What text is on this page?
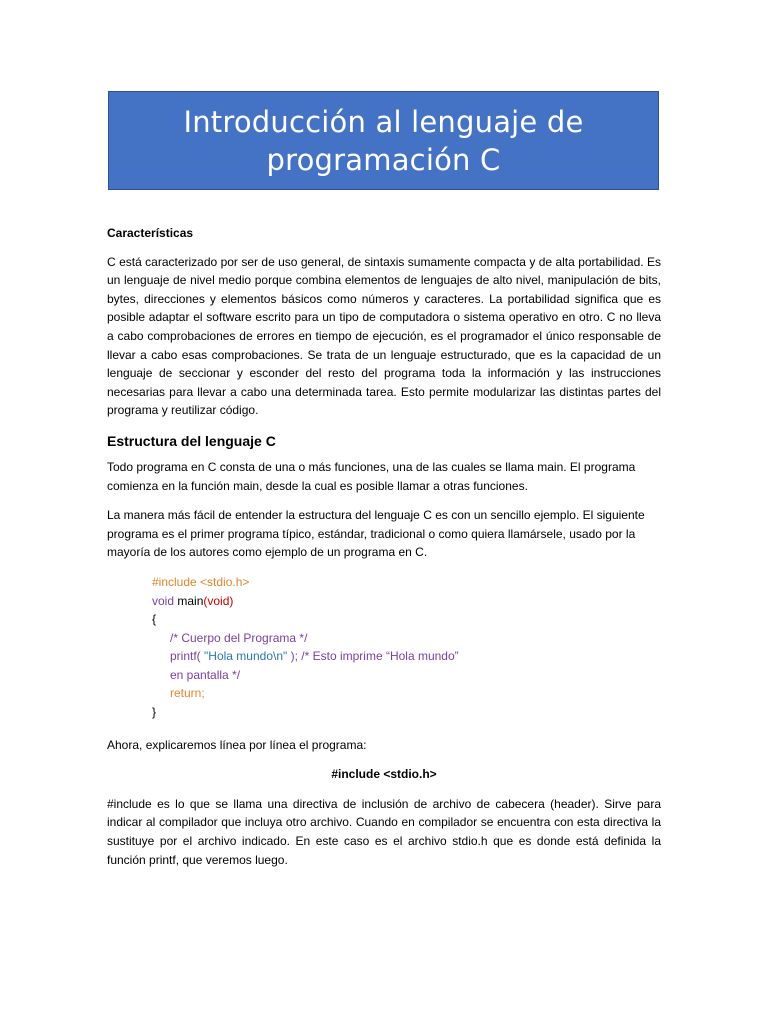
Introducción al lenguaje de
programación C
Características

C está caracterizado por ser de uso general, de sintaxis sumamente compacta y de alta portabilidad. Es un lenguaje de nivel medio porque combina elementos de lenguajes de alto nivel, manipulación de bits, bytes, direcciones y elementos básicos como números y caracteres. La portabilidad significa que es posible adaptar el software escrito para un tipo de computadora o sistema operativo en otro. C no lleva a cabo comprobaciones de errores en tiempo de ejecución, es el programador el único responsable de llevar a cabo esas comprobaciones. Se trata de un lenguaje estructurado, que es la capacidad de un lenguaje de seccionar y esconder del resto del programa toda la información y las instrucciones necesarias para llevar a cabo una determinada tarea. Esto permite modularizar las distintas partes del programa y reutilizar código.

Estructura del lenguaje C

Todo programa en C consta de una o más funciones, una de las cuales se llama main. El programa comienza en la función main, desde la cual es posible llamar a otras funciones.

La manera más fácil de entender la estructura del lenguaje C es con un sencillo ejemplo. El siguiente programa es el primer programa típico, estándar, tradicional o como quiera llamársele, usado por la mayoría de los autores como ejemplo de un programa en C.

#include <stdio.h>
void main(void)
{
/* Cuerpo del Programa */
printf( "Hola mundo\n" ); /* Esto imprime “Hola mundo”
en pantalla */
return;
}

Ahora, explicaremos línea por línea el programa:

#include <stdio.h>

#include es lo que se llama una directiva de inclusión de archivo de cabecera (header). Sirve para indicar al compilador que incluya otro archivo. Cuando en compilador se encuentra con esta directiva la sustituye por el archivo indicado. En este caso es el archivo stdio.h que es donde está definida la función printf, que veremos luego.
